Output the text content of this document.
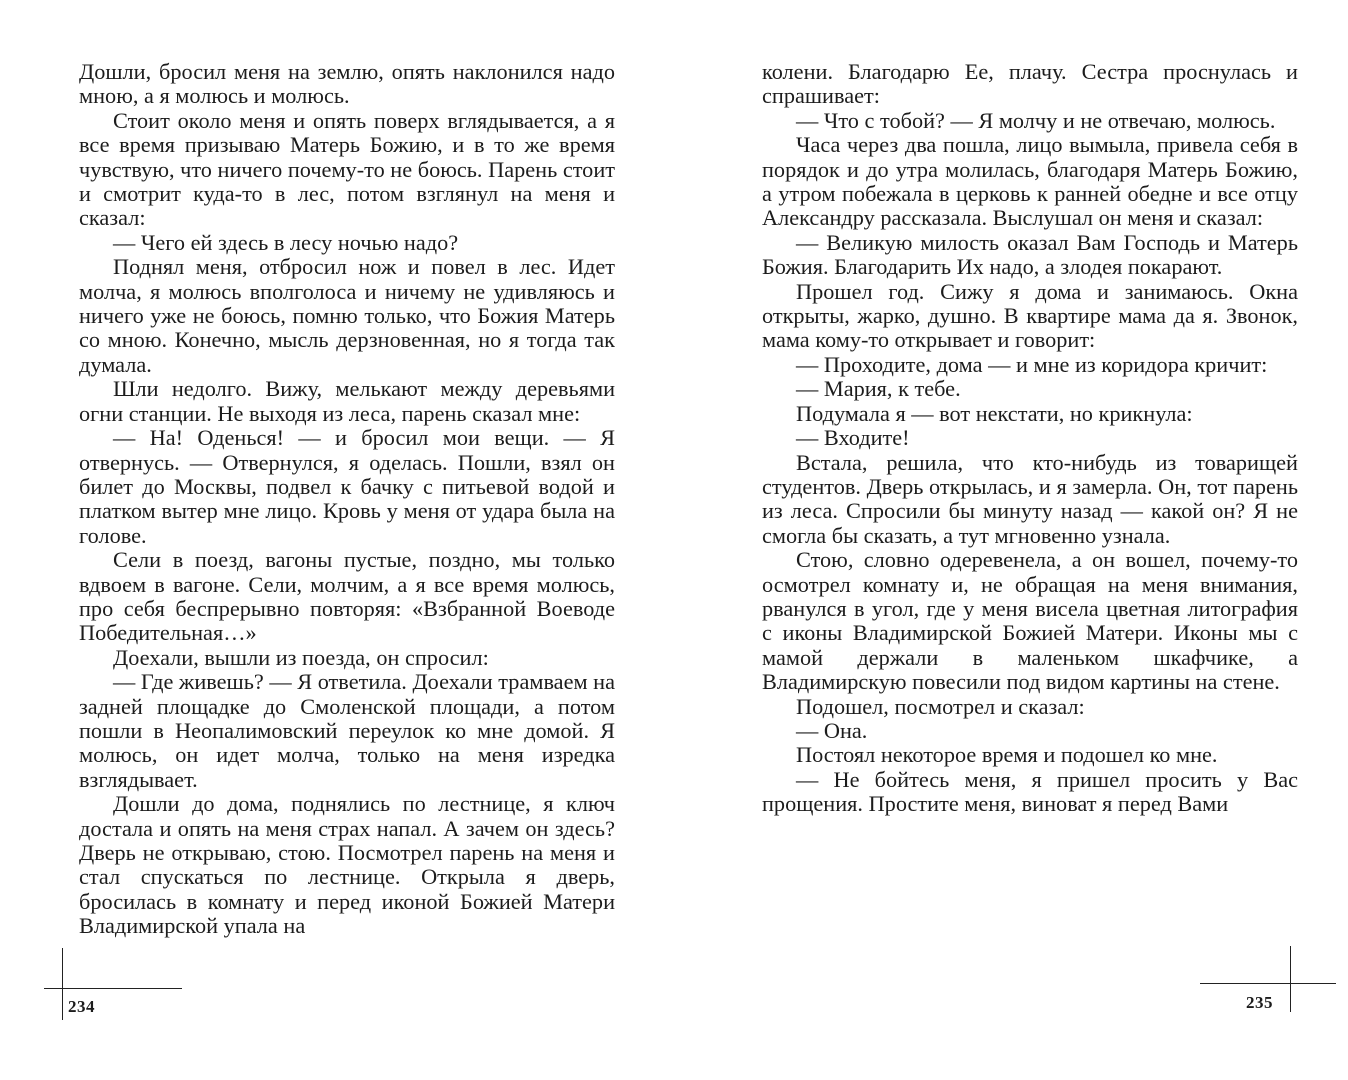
Дошли, бросил меня на землю, опять наклонился надо мною, а я молюсь и молюсь.

Стоит около меня и опять поверх вглядывается, а я все время призываю Матерь Божию, и в то же время чувствую, что ничего почему-то не боюсь. Парень стоит и смотрит куда-то в лес, потом взглянул на меня и сказал:

— Чего ей здесь в лесу ночью надо?

Поднял меня, отбросил нож и повел в лес. Идет молча, я молюсь вполголоса и ничему не удивляюсь и ничего уже не боюсь, помню только, что Божия Матерь со мною. Конечно, мысль дерзновенная, но я тогда так думала.

Шли недолго. Вижу, мелькают между деревьями огни станции. Не выходя из леса, парень сказал мне:

— На! Оденься! — и бросил мои вещи. — Я отвернусь. — Отвернулся, я оделась. Пошли, взял он билет до Москвы, подвел к бачку с питьевой водой и платком вытер мне лицо. Кровь у меня от удара была на голове.

Сели в поезд, вагоны пустые, поздно, мы только вдвоем в вагоне. Сели, молчим, а я все время молюсь, про себя беспрерывно повторяя: «Взбранной Воеводе Победительная…»

Доехали, вышли из поезда, он спросил:

— Где живешь? — Я ответила. Доехали трамваем на задней площадке до Смоленской площади, а потом пошли в Неопалимовский переулок ко мне домой. Я молюсь, он идет молча, только на меня изредка взглядывает.

Дошли до дома, поднялись по лестнице, я ключ достала и опять на меня страх напал. А зачем он здесь? Дверь не открываю, стою. Посмотрел парень на меня и стал спускаться по лестнице. Открыла я дверь, бросилась в комнату и перед иконой Божией Матери Владимирской упала на

колени. Благодарю Ее, плачу. Сестра проснулась и спрашивает:

— Что с тобой? — Я молчу и не отвечаю, молюсь.

Часа через два пошла, лицо вымыла, привела себя в порядок и до утра молилась, благодаря Матерь Божию, а утром побежала в церковь к ранней обедне и все отцу Александру рассказала. Выслушал он меня и сказал:

— Великую милость оказал Вам Господь и Матерь Божия. Благодарить Их надо, а злодея покарают.

Прошел год. Сижу я дома и занимаюсь. Окна открыты, жарко, душно. В квартире мама да я. Звонок, мама кому-то открывает и говорит:

— Проходите, дома — и мне из коридора кричит:

— Мария, к тебе.

Подумала я — вот некстати, но крикнула:

— Входите!

Встала, решила, что кто-нибудь из товарищей студентов. Дверь открылась, и я замерла. Он, тот парень из леса. Спросили бы минуту назад — какой он? Я не смогла бы сказать, а тут мгновенно узнала.

Стою, словно одеревенела, а он вошел, почему-то осмотрел комнату и, не обращая на меня внимания, рванулся в угол, где у меня висела цветная литография с иконы Владимирской Божией Матери. Иконы мы с мамой держали в маленьком шкафчике, а Владимирскую повесили под видом картины на стене.

Подошел, посмотрел и сказал:

— Она.

Постоял некоторое время и подошел ко мне.

— Не бойтесь меня, я пришел просить у Вас прощения. Простите меня, виноват я перед Вами

234	235
